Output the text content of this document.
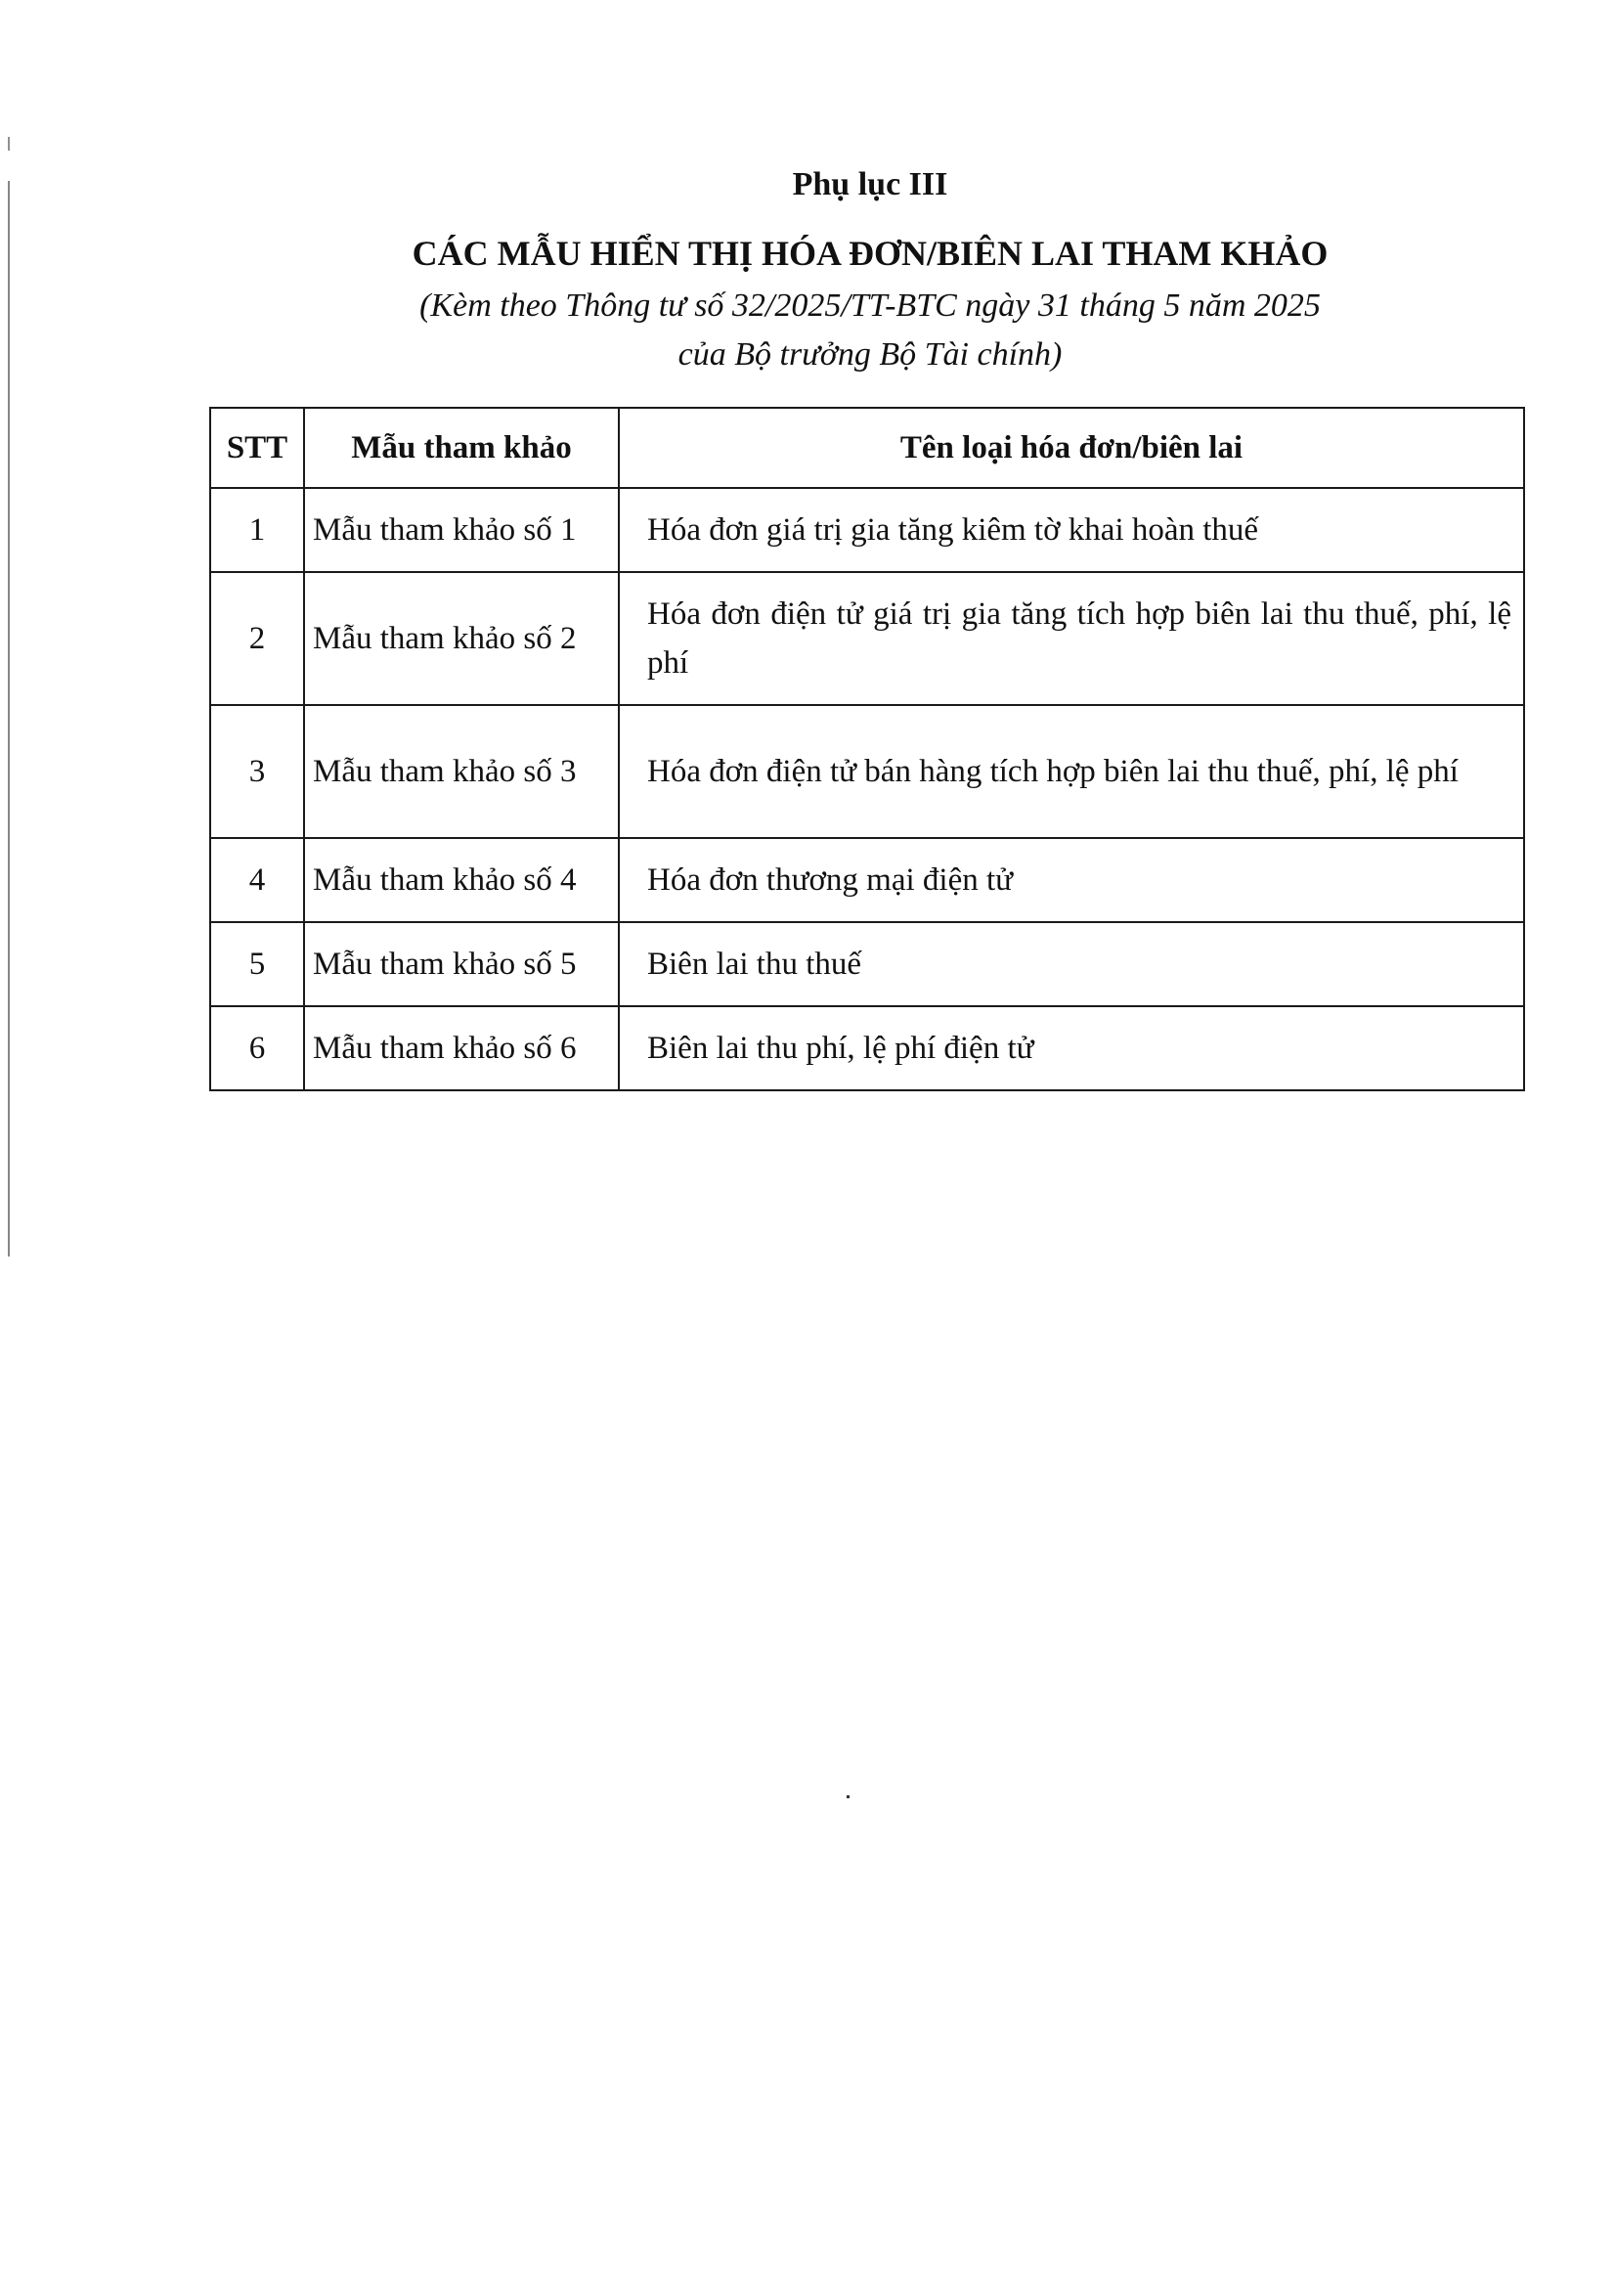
Phụ lục III
CÁC MẪU HIỂN THỊ HÓA ĐƠN/BIÊN LAI THAM KHẢO
(Kèm theo Thông tư số 32/2025/TT-BTC ngày 31 tháng 5 năm 2025
của Bộ trưởng Bộ Tài chính)
STT	Mẫu tham khảo	Tên loại hóa đơn/biên lai
1	Mẫu tham khảo số 1	Hóa đơn giá trị gia tăng kiêm tờ khai hoàn thuế
2	Mẫu tham khảo số 2	Hóa đơn điện tử giá trị gia tăng tích hợp biên lai thu thuế, phí, lệ phí
3	Mẫu tham khảo số 3	Hóa đơn điện tử bán hàng tích hợp biên lai thu thuế, phí, lệ phí
4	Mẫu tham khảo số 4	Hóa đơn thương mại điện tử
5	Mẫu tham khảo số 5	Biên lai thu thuế
6	Mẫu tham khảo số 6	Biên lai thu phí, lệ phí điện tử
